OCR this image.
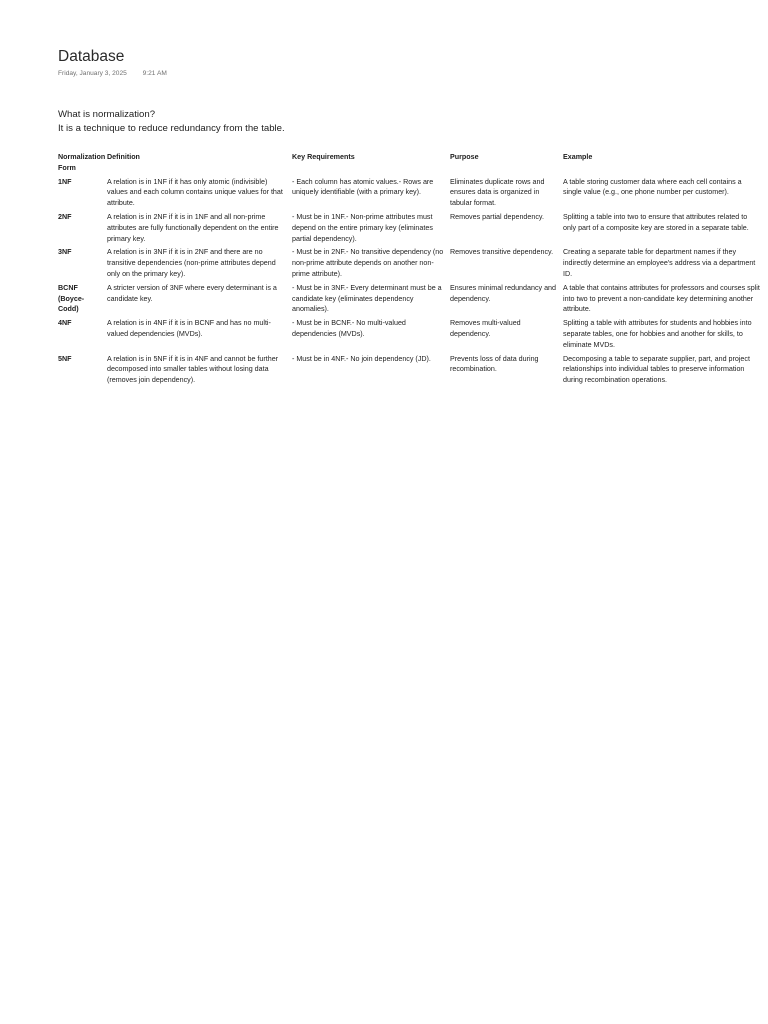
Database
Friday, January 3, 2025 9:21 AM

What is normalization?

It is a technique to reduce redundancy from the table.

Normalization Form	Definition	Key Requirements	Purpose	Example
1NF	A relation is in 1NF if it has only atomic (indivisible) values and each column contains unique values for that attribute.	- Each column has atomic values.- Rows are uniquely identifiable (with a primary key).	Eliminates duplicate rows and ensures data is organized in tabular format.	A table storing customer data where each cell contains a single value (e.g., one phone number per customer).
2NF	A relation is in 2NF if it is in 1NF and all non-prime attributes are fully functionally dependent on the entire primary key.	- Must be in 1NF.- Non-prime attributes must depend on the entire primary key (eliminates partial dependency).	Removes partial dependency.	Splitting a table into two to ensure that attributes related to only part of a composite key are stored in a separate table.
3NF	A relation is in 3NF if it is in 2NF and there are no transitive dependencies (non-prime attributes depend only on the primary key).	- Must be in 2NF.- No transitive dependency (no non-prime attribute depends on another non-prime attribute).	Removes transitive dependency.	Creating a separate table for department names if they indirectly determine an employee's address via a department ID.
BCNF (Boyce-Codd)	A stricter version of 3NF where every determinant is a candidate key.	- Must be in 3NF.- Every determinant must be a candidate key (eliminates dependency anomalies).	Ensures minimal redundancy and dependency.	A table that contains attributes for professors and courses split into two to prevent a non-candidate key determining another attribute.
4NF	A relation is in 4NF if it is in BCNF and has no multi-valued dependencies (MVDs).	- Must be in BCNF.- No multi-valued dependencies (MVDs).	Removes multi-valued dependency.	Splitting a table with attributes for students and hobbies into separate tables, one for hobbies and another for skills, to eliminate MVDs.
5NF	A relation is in 5NF if it is in 4NF and cannot be further decomposed into smaller tables without losing data (removes join dependency).	- Must be in 4NF.- No join dependency (JD).	Prevents loss of data during recombination.	Decomposing a table to separate supplier, part, and project relationships into individual tables to preserve information during recombination operations.
